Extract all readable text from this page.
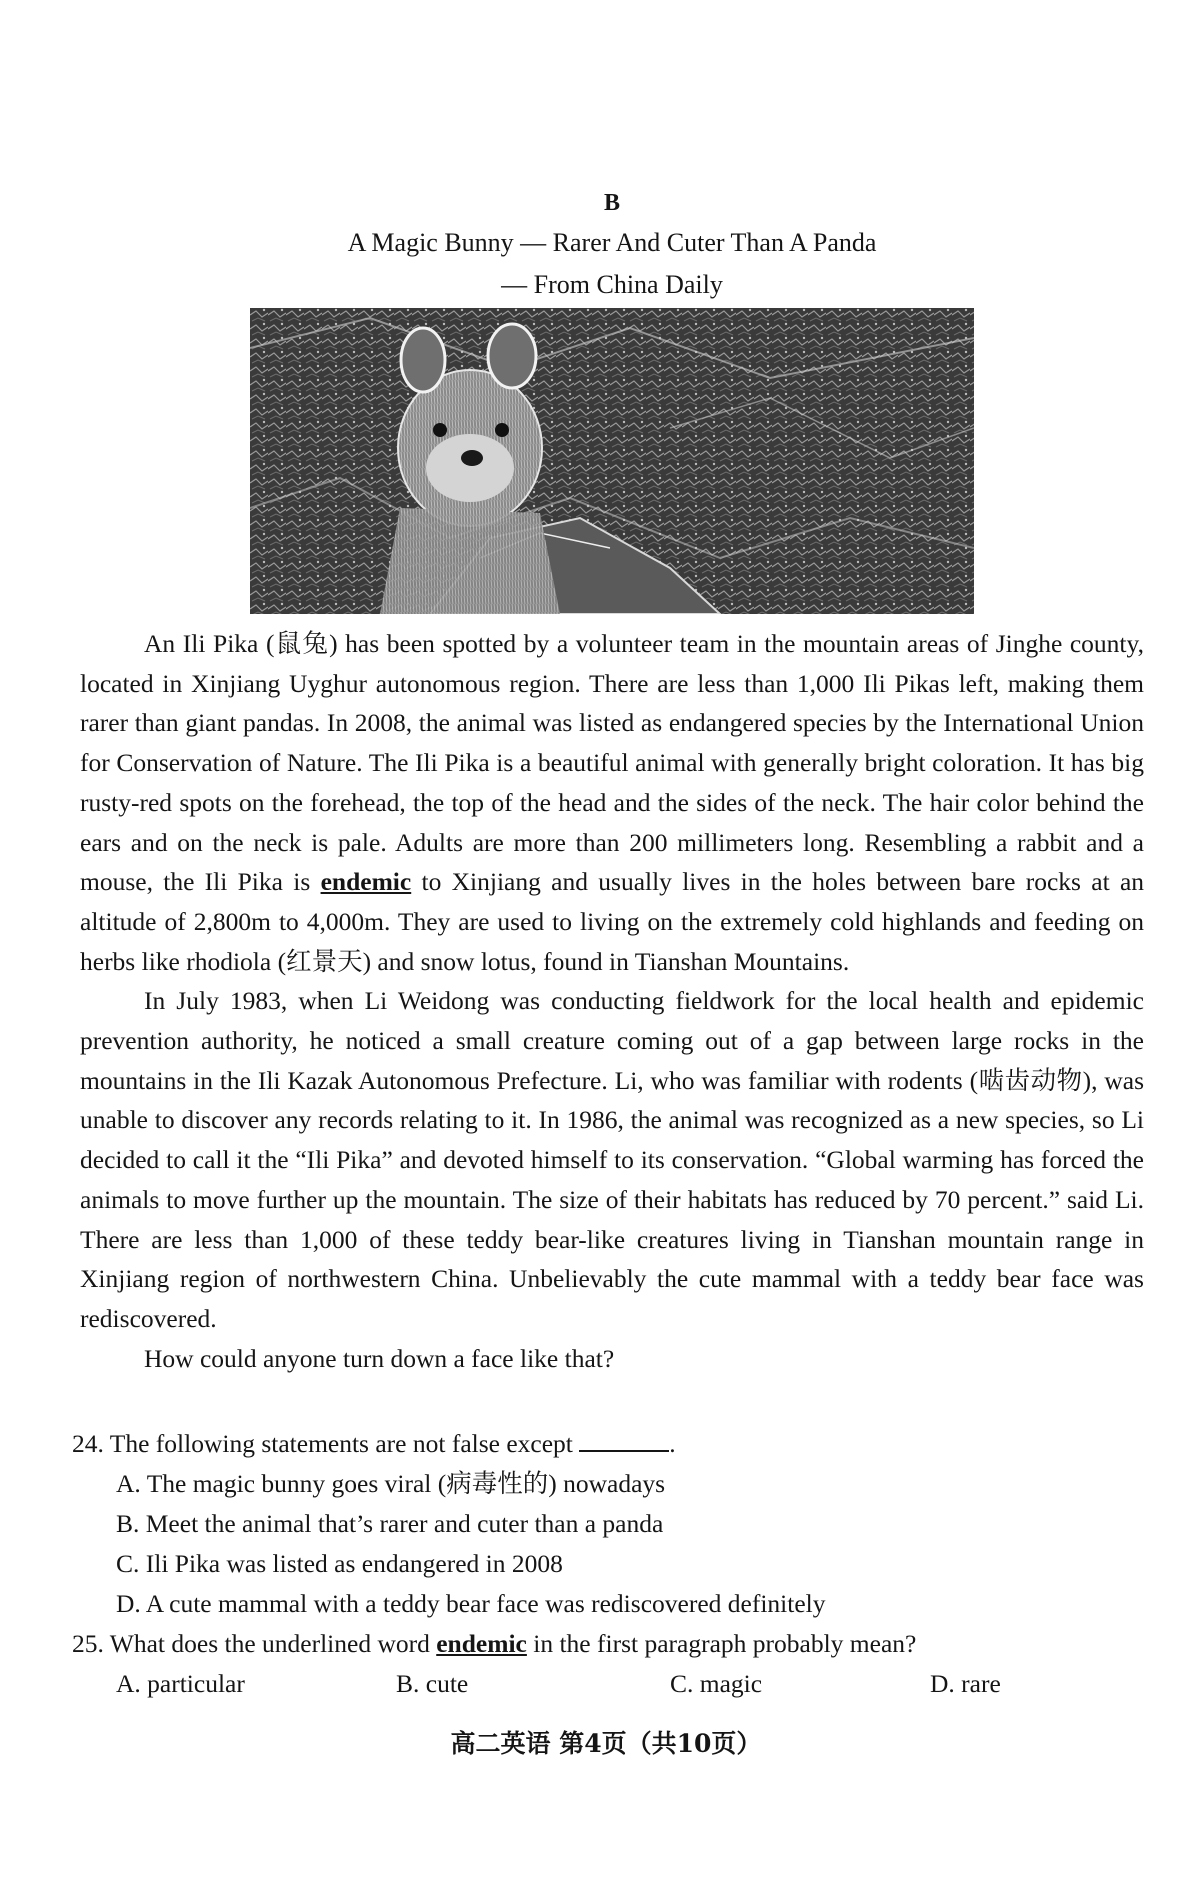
B
A Magic Bunny — Rarer And Cuter Than A Panda
— From China Daily

An Ili Pika (鼠兔) has been spotted by a volunteer team in the mountain areas of Jinghe county, located in Xinjiang Uyghur autonomous region. There are less than 1,000 Ili Pikas left, making them rarer than giant pandas. In 2008, the animal was listed as endangered species by the International Union for Conservation of Nature. The Ili Pika is a beautiful animal with generally bright coloration. It has big rusty-red spots on the forehead, the top of the head and the sides of the neck. The hair color behind the ears and on the neck is pale. Adults are more than 200 millimeters long. Resembling a rabbit and a mouse, the Ili Pika is endemic to Xinjiang and usually lives in the holes between bare rocks at an altitude of 2,800m to 4,000m. They are used to living on the extremely cold highlands and feeding on herbs like rhodiola (红景天) and snow lotus, found in Tianshan Mountains.

In July 1983, when Li Weidong was conducting fieldwork for the local health and epidemic prevention authority, he noticed a small creature coming out of a gap between large rocks in the mountains in the Ili Kazak Autonomous Prefecture. Li, who was familiar with rodents (啮齿动物), was unable to discover any records relating to it. In 1986, the animal was recognized as a new species, so Li decided to call it the “Ili Pika” and devoted himself to its conservation. “Global warming has forced the animals to move further up the mountain. The size of their habitats has reduced by 70 percent.” said Li. There are less than 1,000 of these teddy bear-like creatures living in Tianshan mountain range in Xinjiang region of northwestern China. Unbelievably the cute mammal with a teddy bear face was rediscovered.

How could anyone turn down a face like that?

24. The following statements are not false except	.
A. The magic bunny goes viral (病毒性的) nowadays
B. Meet the animal that’s rarer and cuter than a panda
C. Ili Pika was listed as endangered in 2008
D. A cute mammal with a teddy bear face was rediscovered definitely
25. What does the underlined word endemic in the first paragraph probably mean?
A. particular	B. cute	C. magic	D. rare
高二英语 第4页（共10页）
